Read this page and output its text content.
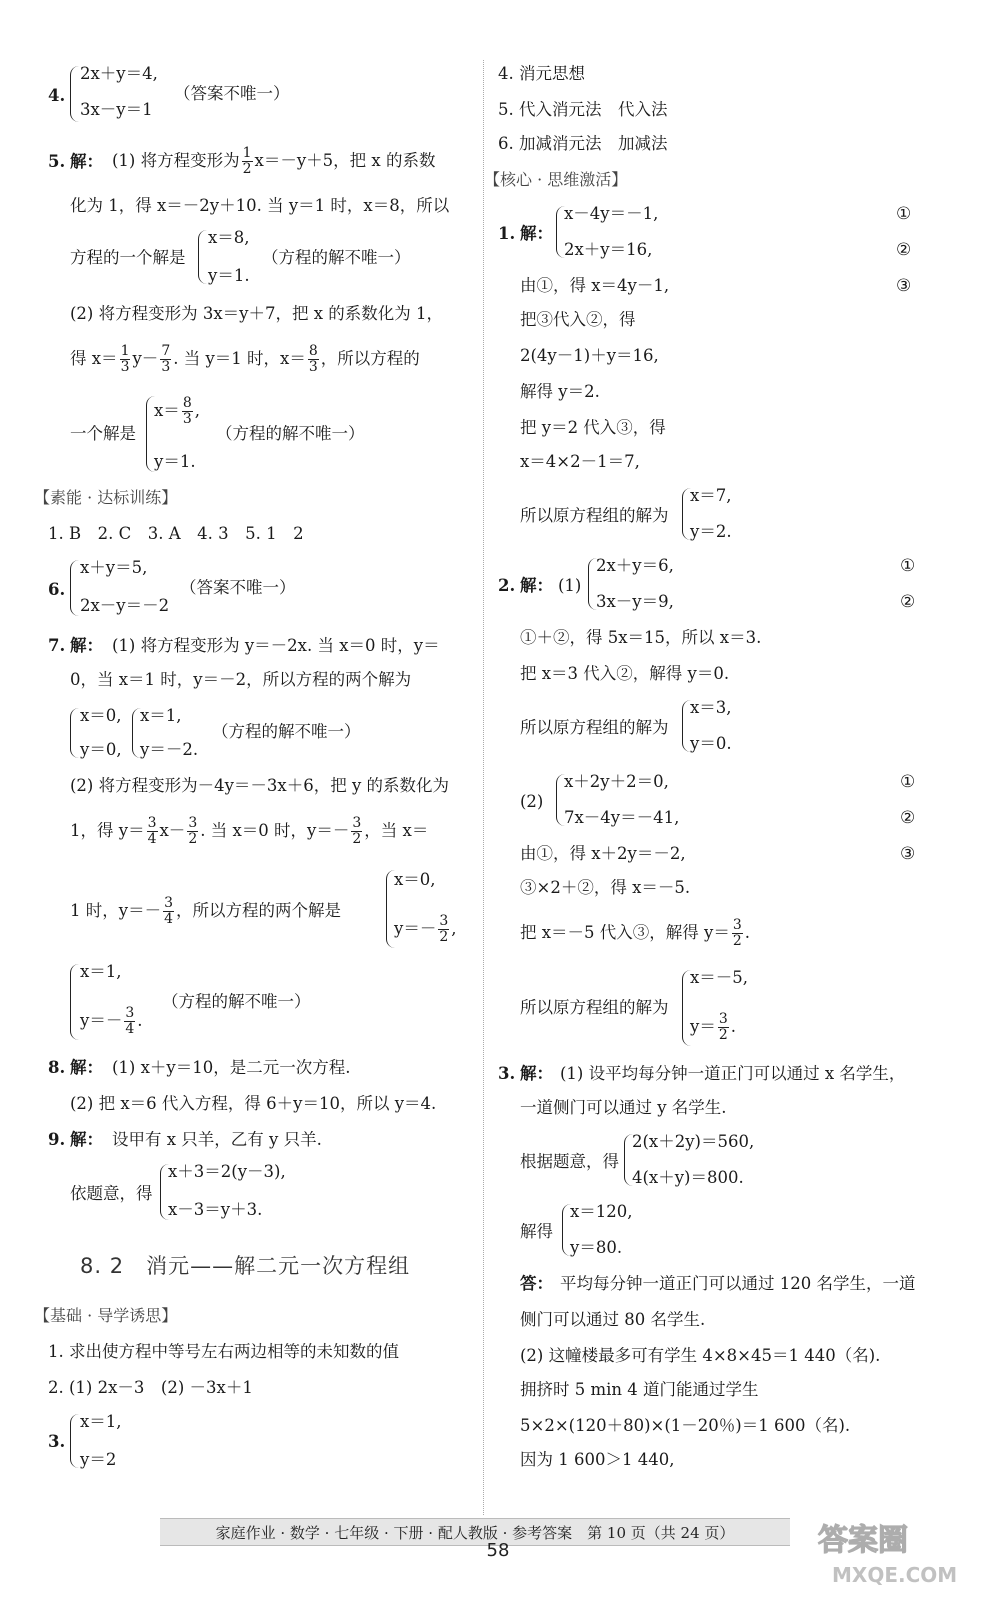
4.
2x＋y＝4,
3x－y＝1
（答案不唯一）
5. 解： (1) 将方程变形为 $\frac{1}{2} x=-y+5$，把 x 的系数
化为 1，得 x＝－2y＋10. 当 y＝1 时，x＝8，所以
方程的一个解是
x＝8,
y＝1.
（方程的解不唯一）
(2) 将方程变形为 3x＝y＋7，把 x 的系数化为 1，
得 $x= \frac{1}{3} y- \frac{7}{3}$ . 当 y＝1 时，$x= \frac{8}{3}$ ，所以方程的
一个解是
$x= \frac{8}{3}$ ,
（方程的解不唯一）
y＝1.
【素能 · 达标训练】
1. B　2. C　3. A　4. 3　5. 1　2
6.
x＋y＝5,
2x－y＝－2
（答案不唯一）
7. 解： (1) 将方程变形为 y＝－2x. 当 x＝0 时，y＝
0，当 x＝1 时，y＝－2，所以方程的两个解为
x＝0,
y＝0,
x＝1,
y＝－2.
（方程的解不唯一）
(2) 将方程变形为－4y＝－3x＋6，把 y 的系数化为
1，得 $y= \frac{3}{4} x- \frac{3}{2}$ . 当 x＝0 时，$y=- \frac{3}{2}$ ，当 x＝
1 时，$y=- \frac{3}{4}$ ，所以方程的两个解是
x＝0,
$y=- \frac{3}{2}$ ,
x＝1,
$y=- \frac{3}{4}$ .
（方程的解不唯一）
8. 解： (1) x＋y＝10，是二元一次方程.
(2) 把 x＝6 代入方程，得 6＋y＝10，所以 y＝4.
9. 解： 设甲有 x 只羊，乙有 y 只羊.
依题意，得
x＋3＝2(y－3),
x－3＝y＋3.
8. 2　消元——解二元一次方程组
【基础 · 导学诱思】
1. 求出使方程中等号左右两边相等的未知数的值
2. (1) 2x－3　(2) －3x＋1
3.
x＝1,
y＝2
4. 消元思想
5. 代入消元法　代入法
6. 加减消元法　加减法
【核心 · 思维激活】
1. 解：
x－4y＝－1,
2x＋y＝16,
①
②
由①，得 x＝4y－1,	③
把③代入②，得
2(4y－1)＋y＝16,
解得 y＝2.
把 y＝2 代入③，得
x＝4×2－1＝7,
所以原方程组的解为
x＝7,
y＝2.
2. 解： (1)
2x＋y＝6,
3x－y＝9,
①
②
①＋②，得 5x＝15，所以 x＝3.
把 x＝3 代入②，解得 y＝0.
所以原方程组的解为
x＝3,
y＝0.
(2)
x＋2y＋2＝0,
7x－4y＝－41,
①
②
由①，得 x＋2y＝－2,	③
③×2＋②，得 x＝－5.
把 x＝－5 代入③，解得 $y= \frac{3}{2}$ .
所以原方程组的解为
x＝－5,
$y= \frac{3}{2}$ .
3. 解： (1) 设平均每分钟一道正门可以通过 x 名学生，
一道侧门可以通过 y 名学生.
根据题意，得
2(x＋2y)＝560,
4(x＋y)＝800.
解得
x＝120,
y＝80.
答： 平均每分钟一道正门可以通过 120 名学生，一道
侧门可以通过 80 名学生.
(2) 这幢楼最多可有学生 4×8×45＝1 440（名).
拥挤时 5 min 4 道门能通过学生
5×2×(120＋80)×(1－20％)＝1 600（名).
因为 1 600＞1 440,
家庭作业 · 数学 · 七年级 · 下册 · 配人教版 · 参考答案　第 10 页（共 24 页）
58	答案圈
MXQE.COM
